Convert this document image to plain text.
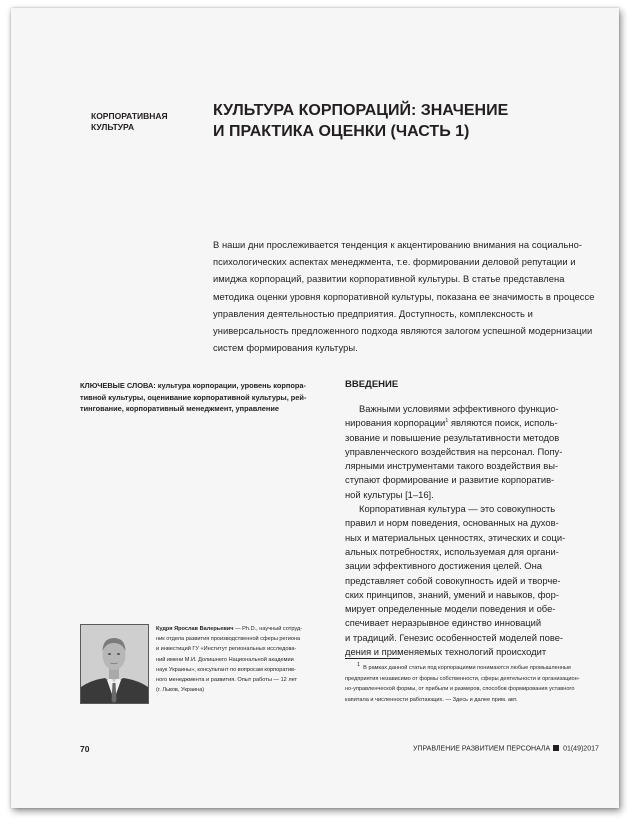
КОРПОРАТИВНАЯ
КУЛЬТУРА
КУЛЬТУРА КОРПОРАЦИЙ: ЗНАЧЕНИЕ
И ПРАКТИКА ОЦЕНКИ (ЧАСТЬ 1)
В наши дни прослеживается тенденция к акцентированию внимания на социально-психологических аспектах менеджмента, т.е. формировании деловой репутации и имиджа корпораций, развитии корпоративной культуры. В статье представлена методика оценки уровня корпоративной культуры, показана ее значимость в процессе управления деятельностью предприятия. Доступность, комплексность и универсальность предложенного подхода являются залогом успешной модернизации систем формирования культуры.
КЛЮЧЕВЫЕ СЛОВА: культура корпорации, уровень корпора-
тивной культуры, оценивание корпоративной культуры, рей-
тингование, корпоративный менеджмент, управление
ВВЕДЕНИЕ
Важными условиями эффективного функцио-
нирования корпорации$^1$ являются поиск, исполь-
зование и повышение результативности методов
управленческого воздействия на персонал. Попу-
лярными инструментами такого воздействия вы-
ступают формирование и развитие корпоратив-
ной культуры [1–16].
Корпоративная культура — это совокупность
правил и норм поведения, основанных на духов-
ных и материальных ценностях, этических и соци-
альных потребностях, используемая для органи-
зации эффективного достижения целей. Она
представляет собой совокупность идей и творче-
ских принципов, знаний, умений и навыков, фор-
мирует определенные модели поведения и обе-
спечивает неразрывное единство инноваций
и традиций. Генезис особенностей моделей пове-
дения и применяемых технологий происходит
$^1$ В рамках данной статьи под корпорациями понимаются любые промышленные
предприятия независимо от формы собственности, сферы деятельности и организацион-
но-управленческой формы, от прибыли и размеров, способов формирования уставного
капитала и численности работающих. — Здесь и далее прим. авт.
Кудря Ярослав Валерьевич — Ph.D., научный сотруд-
ник отдела развития производственной сферы региона
и инвестиций ГУ «Институт региональных исследова-
ний имени М.И. Долишнего Национальной академии
наук Украины», консультант по вопросам корпоратив-
ного менеджмента и развития. Опыт работы — 12 лет
(г. Львов, Украина)
70	УПРАВЛЕНИЕ РАЗВИТИЕМ ПЕРСОНАЛА 01(49)2017
